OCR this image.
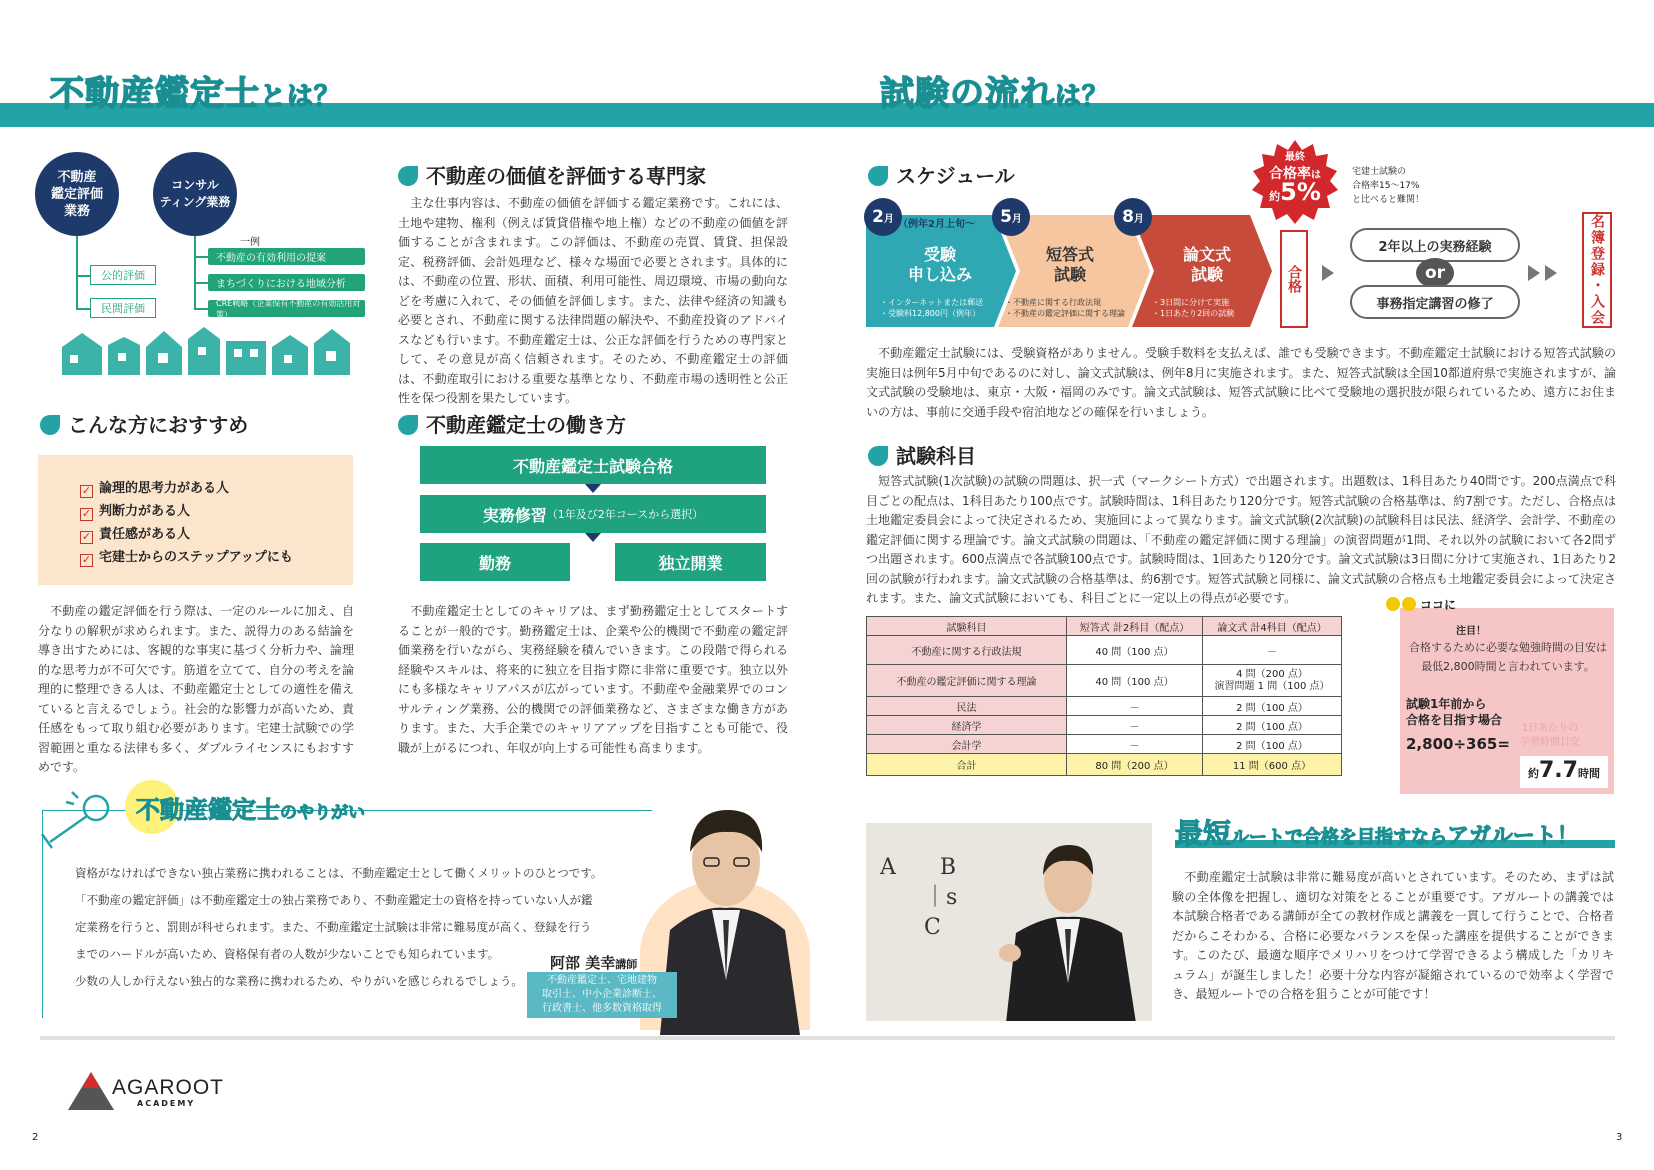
不動産鑑定士とは？
不動産
鑑定評価
業務
コンサル
ティング業務
公的評価
民間評価
一例
不動産の有効利用の提案
まちづくりにおける地域分析
CRE戦略（企業保有不動産の有効活用対策）
不動産の価値を評価する専門家
　主な仕事内容は、不動産の価値を評価する鑑定業務です。これには、土地や建物、権利（例えば賃貸借権や地上権）などの不動産の価値を評価することが含まれます。この評価は、不動産の売買、賃貸、担保設定、税務評価、会計処理など、様々な場面で必要とされます。具体的には、不動産の位置、形状、面積、利用可能性、周辺環境、市場の動向などを考慮に入れて、その価値を評価します。また、法律や経済の知識も必要とされ、不動産に関する法律問題の解決や、不動産投資のアドバイスなども行います。不動産鑑定士は、公正な評価を行うための専門家として、その意見が高く信頼されます。そのため、不動産鑑定士の評価は、不動産取引における重要な基準となり、不動産市場の透明性と公正性を保つ役割を果たしています。
こんな方におすすめ
✓ 論理的思考力がある人
✓ 判断力がある人
✓ 責任感がある人
✓ 宅建士からのステップアップにも
　不動産の鑑定評価を行う際は、一定のルールに加え、自分なりの解釈が求められます。また、説得力のある結論を導き出すためには、客観的な事実に基づく分析力や、論理的な思考力が不可欠です。筋道を立てて、自分の考えを論理的に整理できる人は、不動産鑑定士としての適性を備えていると言えるでしょう。社会的な影響力が高いため、責任感をもって取り組む必要があります。宅建士試験での学習範囲と重なる法律も多く、ダブルライセンスにもおすすめです。
不動産鑑定士の働き方
不動産鑑定士試験合格
実務修習 （1年及び2年コースから選択）
勤務	独立開業
　不動産鑑定士としてのキャリアは、まず勤務鑑定士としてスタートすることが一般的です。勤務鑑定士は、企業や公的機関で不動産の鑑定評価業務を行いながら、実務経験を積んでいきます。この段階で得られる経験やスキルは、将来的に独立を目指す際に非常に重要です。独立以外にも多様なキャリアパスが広がっています。不動産や金融業界でのコンサルティング業務、公的機関での評価業務など、さまざまな働き方があります。また、大手企業でのキャリアアップを目指すことも可能で、役職が上がるにつれ、年収が向上する可能性も高まります。
不動産鑑定士のやりがい
資格がなければできない独占業務に携われることは、不動産鑑定士として働くメリットのひとつです。
「不動産の鑑定評価」は不動産鑑定士の独占業務であり、不動産鑑定士の資格を持っていない人が鑑
定業務を行うと、罰則が科せられます。また、不動産鑑定士試験は非常に難易度が高く、登録を行う
までのハードルが高いため、資格保有者の人数が少ないことでも知られています。
少数の人しか行えない独占的な業務に携われるため、やりがいを感じられるでしょう。
阿部 美幸講師
不動産鑑定士、宅地建物
取引士、中小企業診断士、
行政書士、他多数資格取得
AGAROOT
ACADEMY
2
試験の流れは？
スケジュール
受験
申し込み
・インターネットまたは郵送
・受験料12,800円（例年）
短答式
試験
・不動産に関する行政法規
・不動産の鑑定評価に関する理論
論文式
試験
・3日間に分けて実施
・1日あたり2回の試験
2 月 （例年2月上旬〜 5 月	8 月
最終
合格率は
約5%
宅建士試験の
合格率15〜17%
と比べると難関！
合格
2年以上の実務経験
or
事務指定講習の修了	名簿登録・入会
　不動産鑑定士試験には、受験資格がありません。受験手数料を支払えば、誰でも受験できます。不動産鑑定士試験における短答式試験の実施日は例年5月中旬であるのに対し、論文式試験は、例年8月に実施されます。また、短答式試験は全国10都道府県で実施されますが、論文式試験の受験地は、東京・大阪・福岡のみです。論文式試験は、短答式試験に比べて受験地の選択肢が限られているため、遠方にお住まいの方は、事前に交通手段や宿泊地などの確保を行いましょう。
試験科目
　短答式試験(1次試験)の試験の問題は、択一式（マークシート方式）で出題されます。出題数は、1科目あたり40問です。200点満点で科目ごとの配点は、1科目あたり100点です。試験時間は、1科目あたり120分です。短答式試験の合格基準は、約7割です。ただし、合格点は土地鑑定委員会によって決定されるため、実施回によって異なります。論文式試験(2次試験)の試験科目は民法、経済学、会計学、不動産の鑑定評価に関する理論です。論文式試験の問題は、「不動産の鑑定評価に関する理論」の演習問題が1問、それ以外の試験において各2問ずつ出題されます。600点満点で各試験100点です。試験時間は、1回あたり120分です。論文式試験は3日間に分けて実施され、1日あたり2回の試験が行われます。論文式試験の合格基準は、約6割です。短答式試験と同様に、論文式試験の合格点も土地鑑定委員会によって決定されます。また、論文式試験においても、科目ごとに一定以上の得点が必要です。
試験科目	短答式 計2科目（配点）	論文式 計4科目（配点）
不動産に関する行政法規	40 問（100 点）	－
不動産の鑑定評価に関する理論	40 問（100 点）	4 問（200 点）
演習問題 1 問（100 点）
民法	－	2 問（100 点）
経済学	－	2 問（100 点）
会計学	－	2 問（100 点）
合計	80 問（200 点）	11 問（600 点）
ココに
注目！
合格するために必要な勉強時間の目安は最低2,800時間と言われています。
試験1年前から
合格を目指す場合
2,800÷365=
1日あたりの
学習時間目安
約7.7時間
A　　B
　　｜s
　　C
最短ルートで合格を目指すならアガルート！
　不動産鑑定士試験は非常に難易度が高いとされています。そのため、まずは試験の全体像を把握し、適切な対策をとることが重要です。アガルートの講義では本試験合格者である講師が全ての教材作成と講義を一貫して行うことで、合格者だからこそわかる、合格に必要なバランスを保った講座を提供することができます。このたび、最適な順序でメリハリをつけて学習できるよう構成した「カリキュラム」が誕生しました！必要十分な内容が凝縮されているので効率よく学習でき、最短ルートでの合格を狙うことが可能です！
3
